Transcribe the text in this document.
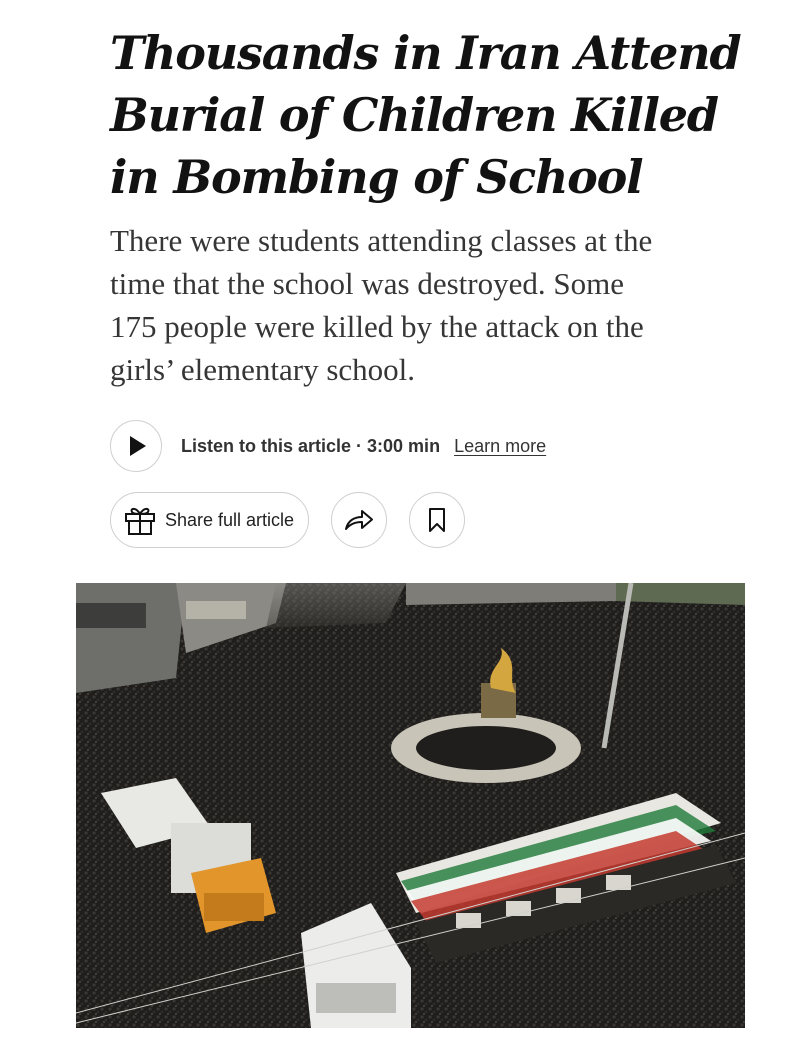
Thousands in Iran Attend
Burial of Children Killed
in Bombing of School

There were students attending classes at the
time that the school was destroyed. Some
175 people were killed by the attack on the
girls’ elementary school.

Listen to this article · 3:00 min Learn more
Share full article
